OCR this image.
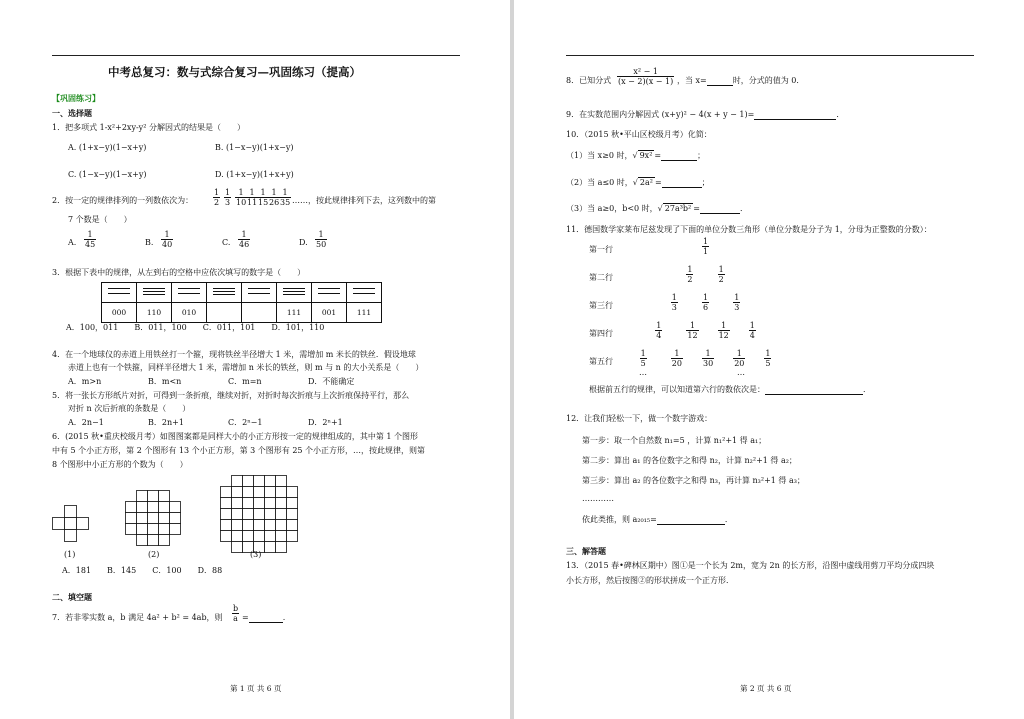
中考总复习：数与式综合复习—巩固练习（提高）
【巩固练习】
一、选择题
1．把多项式 1-x²+2xy-y² 分解因式的结果是（　　）
A. (1+x−y)(1−x+y)	B. (1−x−y)(1+x−y)
C. (1−x−y)(1−x+y)	D. (1+x−y)(1+x+y)
2．按一定的规律排列的一列数依次为： $\frac{1}{2} \frac{1}{3} \frac{1}{10}$
$\frac{1}{11}$
$\frac{1}{15}$
$\frac{1}{26}$
$\frac{1}{35}$ ……，按此规律排列下去，这列数中的第
7 个数是（　　）
A. $\frac{1}{45}$	B. $\frac{1}{40}$	C. $\frac{1}{46}$	D. $\frac{1}{50}$
3．根据下表中的规律，从左到右的空格中应依次填写的数字是（　　）

000	110	010			111	001	111
A．100，011　　B．011，100　　C．011，101　　D．101，110
4．在一个地球仪的赤道上用铁丝打一个箍，现将铁丝半径增大 1 米，需增加 m 米长的铁丝．假设地球
赤道上也有一个铁箍，同样半径增大 1 米，需增加 n 米长的铁丝，则 m 与 n 的大小关系是（　　）
A．m>n	B．m<n	C．m=n	D．不能确定
5．将一张长方形纸片对折，可得到一条折痕，继续对折，对折时每次折痕与上次折痕保持平行，那么
对折 n 次后折痕的条数是（　　）
A．2n−1	B．2n+1	C．2ⁿ−1	D．2ⁿ+1
6．(2015 秋•重庆校级月考）如图图案都是同样大小的小正方形按一定的规律组成的，其中第 1 个图形
中有 5 个小正方形，第 2 个图形有 13 个小正方形，第 3 个图形有 25 个小正方形，…，按此规律，则第
8 个图形中小正方形的个数为（　　）
(1)	(2)	(3)
A．181　　B．145　　C．100　　D．88
二、填空题
7．若非零实数 a，b 满足 4a² + b² = 4ab，则 $\frac{b}{a}$ =	.
第 1 页 共 6 页
8．已知分式 $\frac{\text{x² − 1}}{(x - 2)(x - 1)}$ ，当 x=	时，分式的值为 0．
9．在实数范围内分解因式 (x+y)² − 4(x + y − 1)=	．
10．（2015 秋•平山区校级月考）化简：
（1）当 x≥0 时，√ 9x² =	；
（2）当 a≤0 时，√ 2a² =	；
（3）当 a≥0，b<0 时，√ 27a³b² =	．
11．德国数学家莱布尼兹发现了下面的单位分数三角形（单位分数是分子为 1，分母为正整数的分数）：
第一行	$\frac{1}{1}$
第二行	$\frac{1}{2}$	$\frac{1}{2}$
第三行	$\frac{1}{3}$	$\frac{1}{6}$	$\frac{1}{3}$
第四行	$\frac{1}{4}$	$\frac{1}{12} \frac{1}{12} \frac{1}{4}$
第五行	$\frac{1}{5}$	$\frac{1}{20} \frac{1}{30} \frac{1}{20} \frac{1}{5}$
…	…
根据前五行的规律，可以知道第六行的数依次是：	．
12．让我们轻松一下，做一个数字游戏：
第一步：取一个自然数 n₁=5 ，计算 n₁²+1 得 a₁；
第二步：算出 a₁ 的各位数字之和得 n₂，计算 n₂²+1 得 a₂；
第三步：算出 a₂ 的各位数字之和得 n₃，再计算 n₃²+1 得 a₃；
…………
依此类推，则 a₂₀₁₅=	．
三、解答题
13．（2015 春•碑林区期中）图①是一个长为 2m，宽为 2n 的长方形，沿图中虚线用剪刀平均分成四块
小长方形，然后按图②的形状拼成一个正方形．
第 2 页 共 6 页
